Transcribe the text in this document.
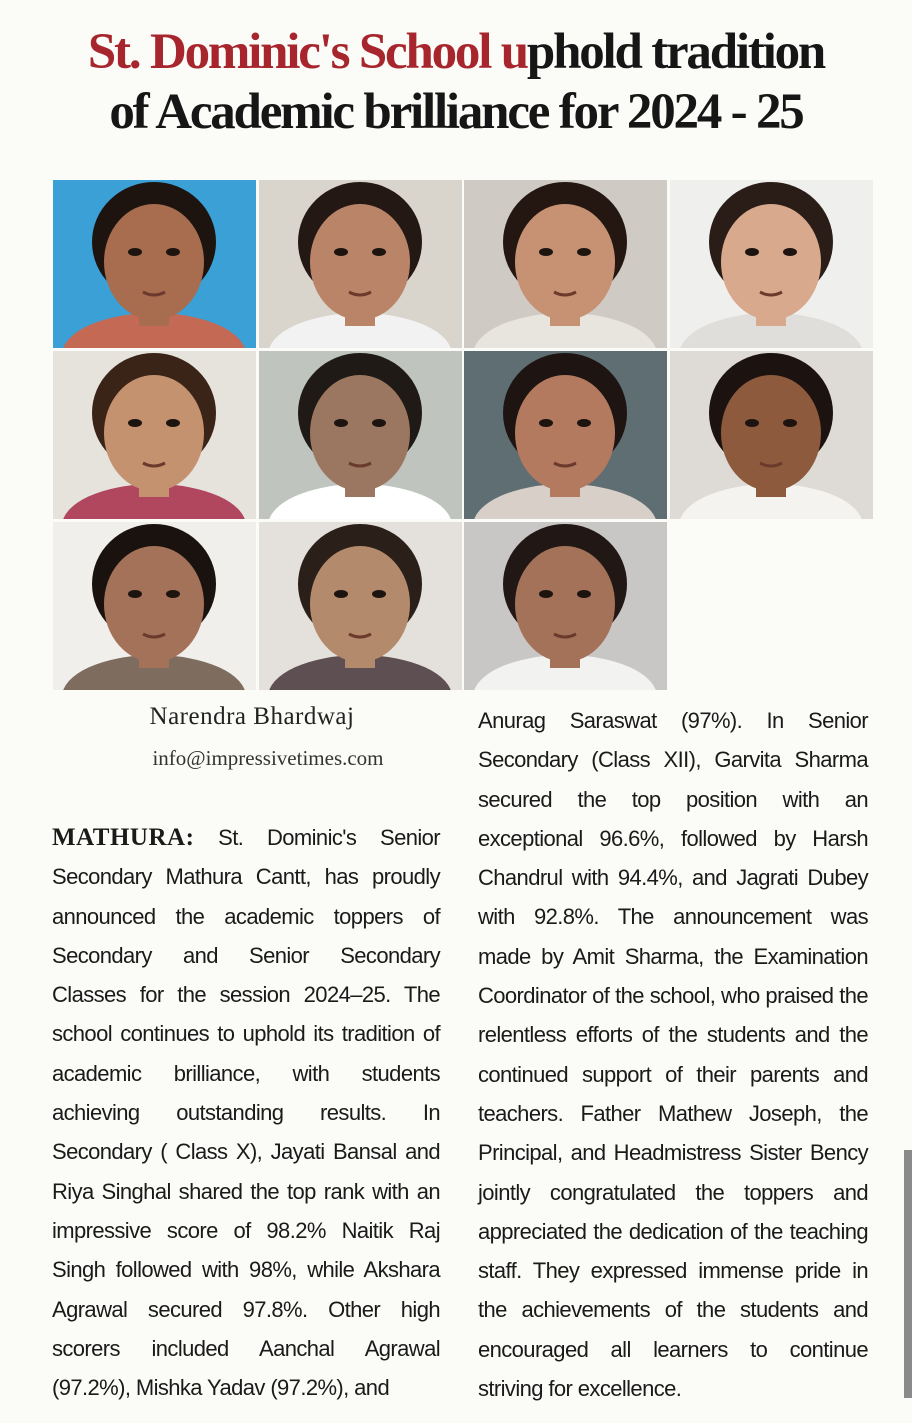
St. Dominic's School uphold tradition
of Academic brilliance for 2024 - 25
Narendra Bhardwaj
info@impressivetimes.com
MATHURA: St. Dominic's Senior Secondary Mathura Cantt, has proudly announced the academic toppers of Secondary and Senior Secondary Classes for the session 2024–25. The school continues to uphold its tradition of academic brilliance, with students achieving outstanding results. In Secondary ( Class X), Jayati Bansal and Riya Singhal shared the top rank with an impressive score of 98.2% Naitik Raj Singh followed with 98%, while Akshara Agrawal secured 97.8%. Other high scorers included Aanchal Agrawal (97.2%), Mishka Yadav (97.2%), and
Anurag Saraswat (97%). In Senior Secondary (Class XII), Garvita Sharma secured the top position with an exceptional 96.6%, followed by Harsh Chandrul with 94.4%, and Jagrati Dubey with 92.8%. The announcement was made by Amit Sharma, the Examination Coordinator of the school, who praised the relentless efforts of the students and the continued support of their parents and teachers. Father Mathew Joseph, the Principal, and Headmistress Sister Bency jointly congratulated the toppers and appreciated the dedication of the teaching staff. They expressed immense pride in the achievements of the students and encouraged all learners to continue striving for excellence.
